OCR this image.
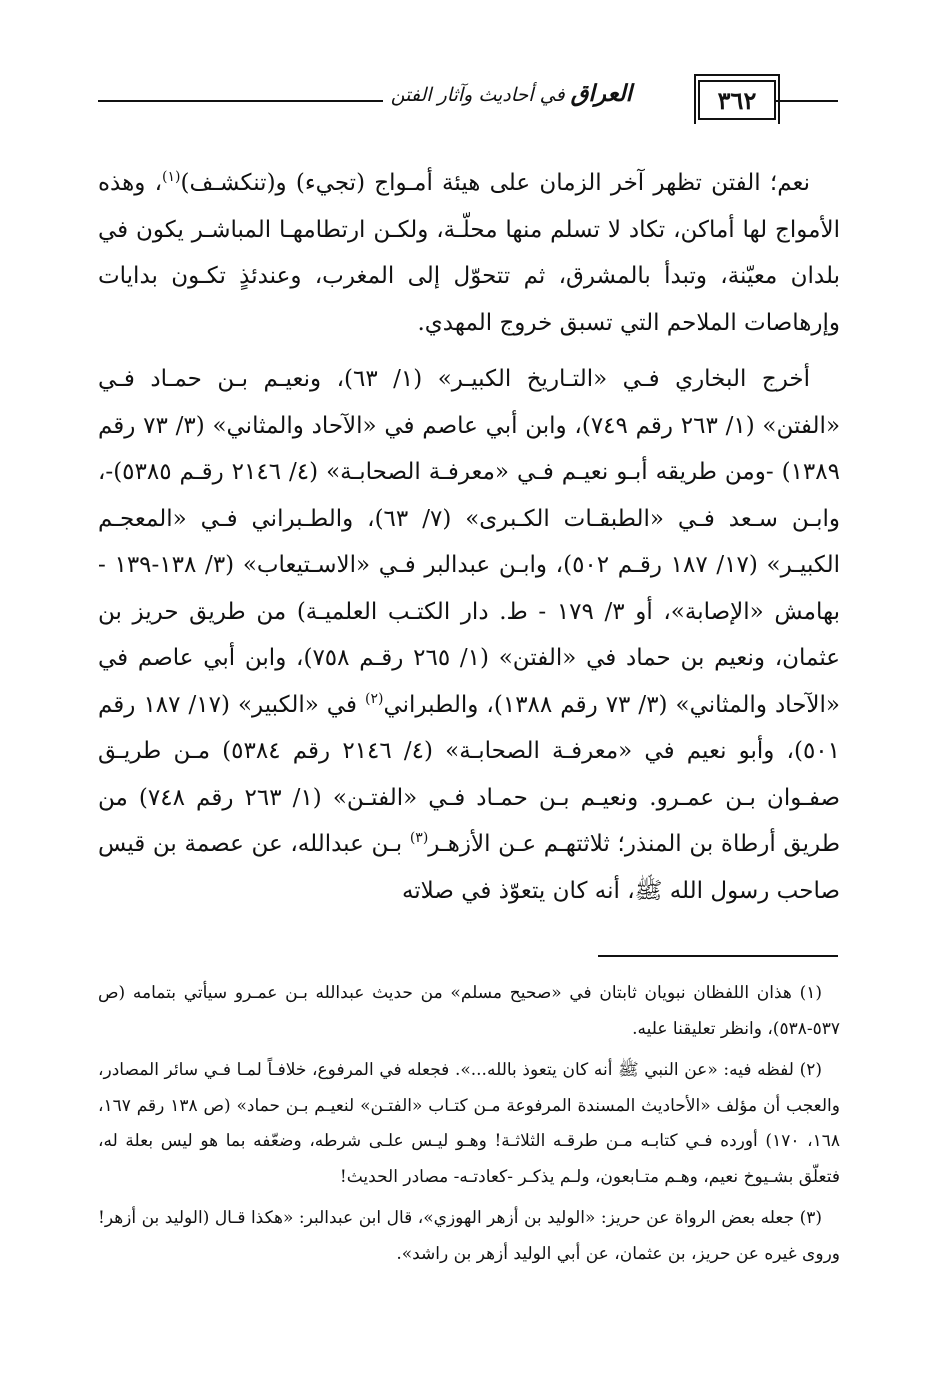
العراق في أحاديث وآثار الفتن	٣٦٢

نعم؛ الفتن تظهر آخر الزمان على هيئة أمـواج (تجيء) و(تنكشـف)$^{(١)}$، وهذه الأمواج لها أماكن، تكاد لا تسلم منها محلّـة، ولكـن ارتطامهـا المباشـر يكون في بلدان معيّنة، وتبدأ بالمشرق، ثم تتحوّل إلى المغرب، وعندئذٍ تكـون بدايات وإرهاصات الملاحم التي تسبق خروج المهدي.

أخرج البخاري فـي «التـاريخ الكبيـر» (١/ ٦٣)، ونعيـم بـن حمـاد فـي «الفتن» (١/ ٢٦٣ رقم ٧٤٩)، وابن أبي عاصم في «الآحاد والمثاني» (٣/ ٧٣ رقم ١٣٨٩) -ومن طريقه أبـو نعيـم فـي «معرفـة الصحابـة» (٤/ ٢١٤٦ رقـم ٥٣٨٥)-، وابـن سـعد فـي «الطبقـات الكـبرى» (٧/ ٦٣)، والطـبراني فـي «المعجـم الكبيـر» (١٧/ ١٨٧ رقـم ٥٠٢)، وابـن عبدالبر فـي «الاسـتيعاب» (٣/ ١٣٨-١٣٩ - بهامش «الإصابة»، أو ٣/ ١٧٩ - ط. دار الكتـب العلميـة) من طريق حريز بن عثمان، ونعيم بن حماد في «الفتن» (١/ ٢٦٥ رقـم ٧٥٨)، وابن أبي عاصم في «الآحاد والمثاني» (٣/ ٧٣ رقم ١٣٨٨)، والطبراني$^{(٢)}$ في «الكبير» (١٧/ ١٨٧ رقم ٥٠١)، وأبو نعيم في «معرفـة الصحابـة» (٤/ ٢١٤٦ رقم ٥٣٨٤) مـن طريـق صفـوان بـن عمـرو. ونعيـم بـن حمـاد فـي «الفتـن» (١/ ٢٦٣ رقم ٧٤٨) من طريق أرطاة بن المنذر؛ ثلاثتهـم عـن الأزهـر$^{(٣)}$ بـن عبدالله، عن عصمة بن قيس صاحب رسول الله ﷺ، أنه كان يتعوّذ في صلاته

(١) هذان اللفظان نبويان ثابتان في «صحيح مسلم» من حديث عبدالله بـن عمـرو سيأتي بتمامه (ص ٥٣٧-٥٣٨)، وانظر تعليقنا عليه.

(٢) لفظه فيه: «عن النبي ﷺ أنه كان يتعوذ بالله...». فجعله في المرفوع، خلافـاً لمـا فـي سائر المصادر، والعجب أن مؤلف «الأحاديث المسندة المرفوعة مـن كتـاب «الفتـن» لنعيـم بـن حماد» (ص ١٣٨ رقم ١٦٧، ١٦٨، ١٧٠) أورده فـي كتابـه مـن طرقـه الثلاثـة! وهـو ليـس علـى شرطه، وضعّفه بما هو ليس بعلة له، فتعلّق بشـيوخ نعيم، وهـم متـابعون، ولـم يذكـر -كعادتـه- مصادر الحديث!

(٣) جعله بعض الرواة عن حريز: «الوليد بن أزهر الهوزي»، قال ابن عبدالبر: «هكذا قـال (الوليد بن أزهر! وروى غيره عن حريز، بن عثمان، عن أبي الوليد أزهر بن راشد».
